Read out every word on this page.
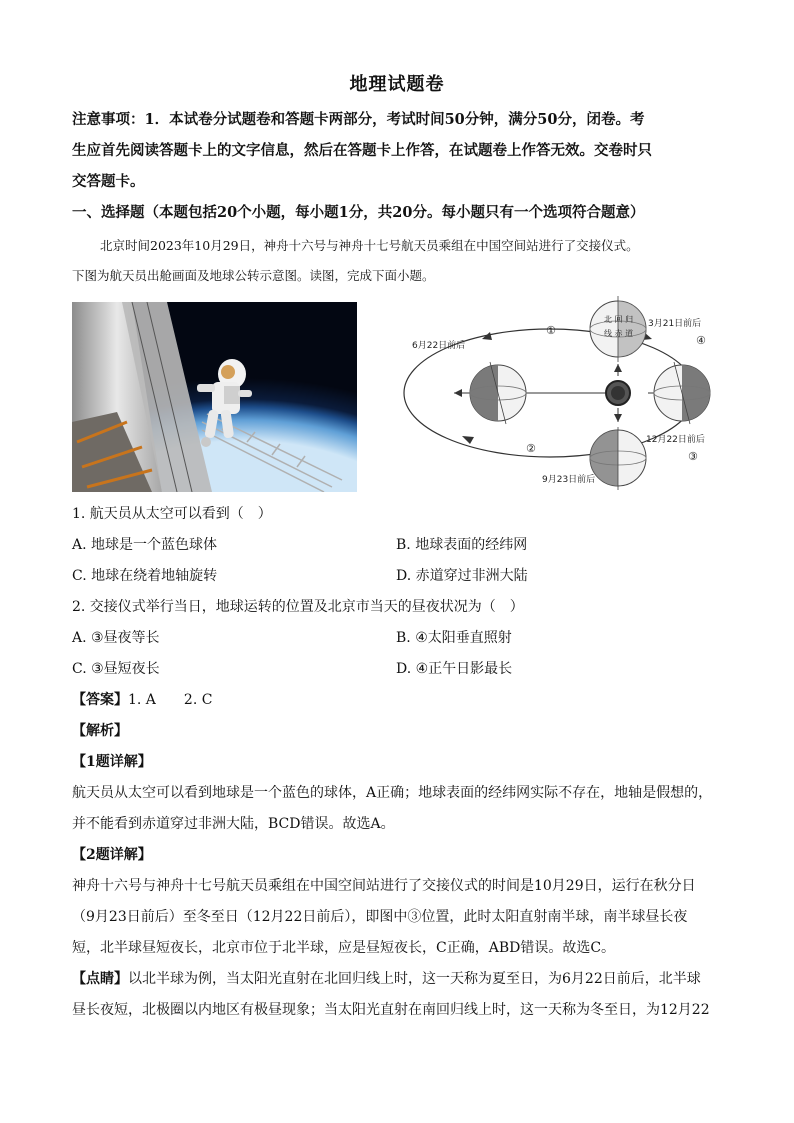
地理试题卷
注意事项：1．本试卷分试题卷和答题卡两部分，考试时间50分钟，满分50分，闭卷。考
生应首先阅读答题卡上的文字信息，然后在答题卡上作答，在试题卷上作答无效。交卷时只
交答题卡。
一、选择题（本题包括20个小题，每小题1分，共20分。每小题只有一个选项符合题意）
北京时间2023年10月29日，神舟十六号与神舟十七号航天员乘组在中国空间站进行了交接仪式。
下图为航天员出舱画面及地球公转示意图。读图，完成下面小题。
北 回 归
线 赤 道
6月22日前后
3月21日前后
12月22日前后
9月23日前后
①
④
②
③
1. 航天员从太空可以看到（　）
A. 地球是一个蓝色球体	B. 地球表面的经纬网
C. 地球在绕着地轴旋转	D. 赤道穿过非洲大陆
2. 交接仪式举行当日，地球运转的位置及北京市当天的昼夜状况为（　）
A. ③昼夜等长	B. ④太阳垂直照射
C. ③昼短夜长	D. ④正午日影最长
【答案】1. A　　2. C
【解析】
【1题详解】
航天员从太空可以看到地球是一个蓝色的球体，A正确；地球表面的经纬网实际不存在，地轴是假想的，
并不能看到赤道穿过非洲大陆，BCD错误。故选A。
【2题详解】
神舟十六号与神舟十七号航天员乘组在中国空间站进行了交接仪式的时间是10月29日，运行在秋分日
（9月23日前后）至冬至日（12月22日前后），即图中③位置，此时太阳直射南半球，南半球昼长夜
短，北半球昼短夜长，北京市位于北半球，应是昼短夜长，C正确，ABD错误。故选C。
【点睛】以北半球为例，当太阳光直射在北回归线上时，这一天称为夏至日，为6月22日前后，北半球
昼长夜短，北极圈以内地区有极昼现象；当太阳光直射在南回归线上时，这一天称为冬至日，为12月22
